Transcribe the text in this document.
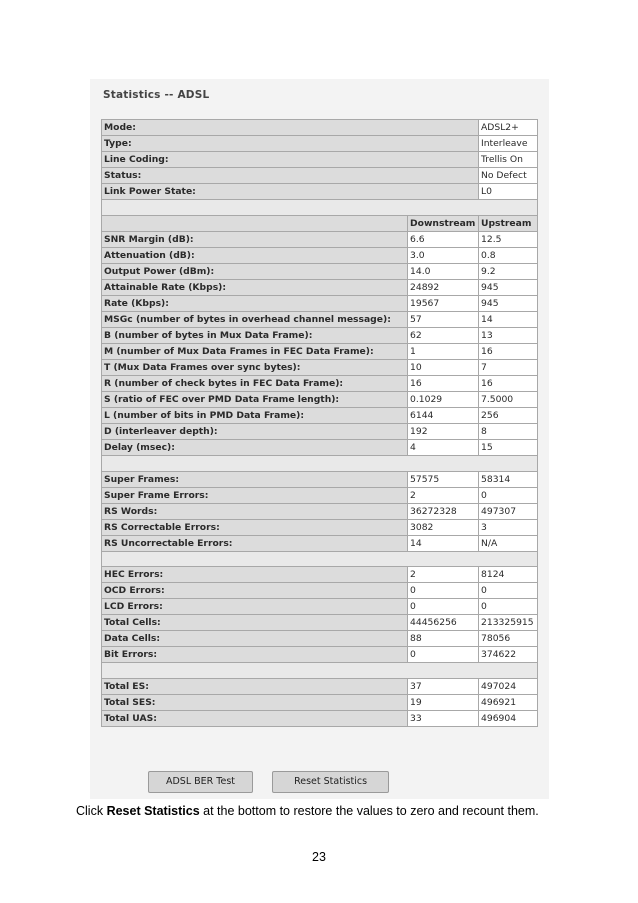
Statistics -- ADSL
Mode:		ADSL2+
Type:		Interleave
Line Coding:		Trellis On
Status:		No Defect
Link Power State:		L0

	Downstream	Upstream
SNR Margin (dB):	6.6	12.5
Attenuation (dB):	3.0	0.8
Output Power (dBm):	14.0	9.2
Attainable Rate (Kbps):	24892	945
Rate (Kbps):	19567	945
MSGc (number of bytes in overhead channel message):	57	14
B (number of bytes in Mux Data Frame):	62	13
M (number of Mux Data Frames in FEC Data Frame):	1	16
T (Mux Data Frames over sync bytes):	10	7
R (number of check bytes in FEC Data Frame):	16	16
S (ratio of FEC over PMD Data Frame length):	0.1029	7.5000
L (number of bits in PMD Data Frame):	6144	256
D (interleaver depth):	192	8
Delay (msec):	4	15

Super Frames:	57575	58314
Super Frame Errors:	2	0
RS Words:	36272328	497307
RS Correctable Errors:	3082	3
RS Uncorrectable Errors:	14	N/A

HEC Errors:	2	8124
OCD Errors:	0	0
LCD Errors:	0	0
Total Cells:	44456256	213325915
Data Cells:	88	78056
Bit Errors:	0	374622

Total ES:	37	497024
Total SES:	19	496921
Total UAS:	33	496904
ADSL BER Test	Reset Statistics
Click Reset Statistics at the bottom to restore the values to zero and recount them.
23
